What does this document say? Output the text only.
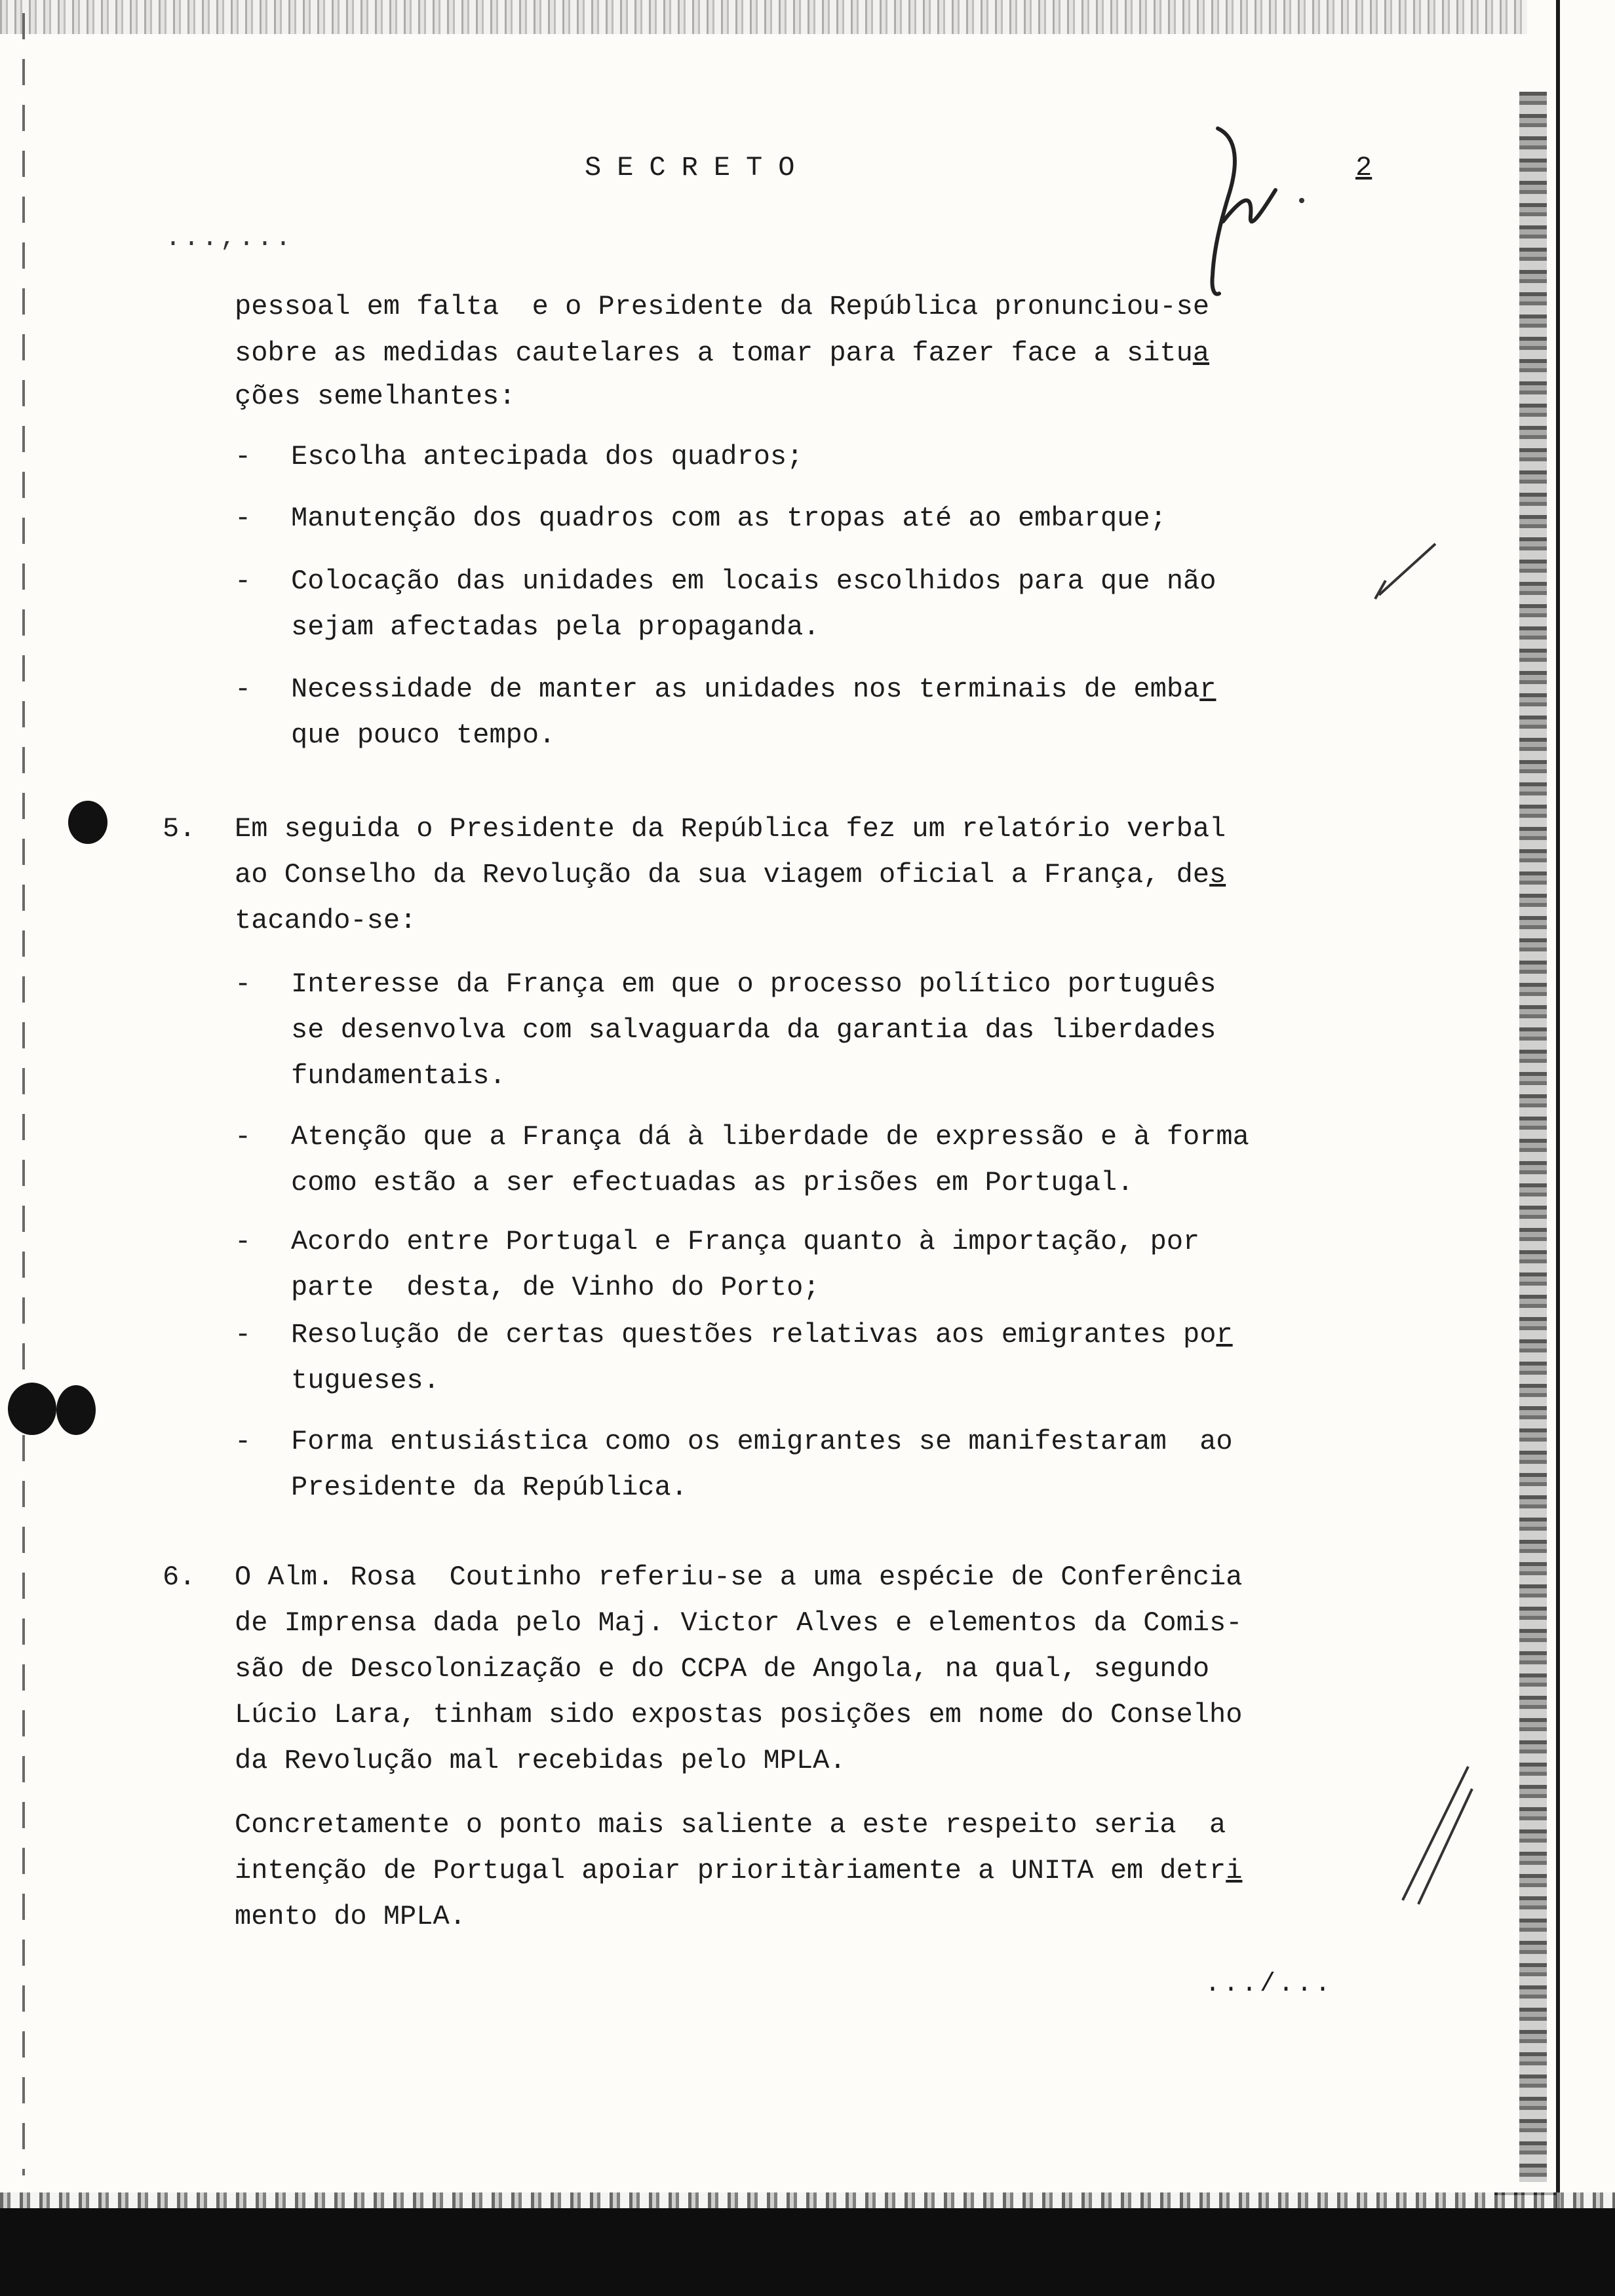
SECRETO	2
...,...
pessoal em falta  e o Presidente da República pronunciou-se
sobre as medidas cautelares a tomar para fazer face a situa
ções semelhantes:
- Escolha antecipada dos quadros;
- Manutenção dos quadros com as tropas até ao embarque;
- Colocação das unidades em locais escolhidos para que não
sejam afectadas pela propaganda.
- Necessidade de manter as unidades nos terminais de embar
que pouco tempo.
5. Em seguida o Presidente da República fez um relatório verbal
ao Conselho da Revolução da sua viagem oficial a França, des
tacando-se:
- Interesse da França em que o processo político português
se desenvolva com salvaguarda da garantia das liberdades
fundamentais.
- Atenção que a França dá à liberdade de expressão e à forma
como estão a ser efectuadas as prisões em Portugal.
- Acordo entre Portugal e França quanto à importação, por
parte  desta, de Vinho do Porto;
- Resolução de certas questões relativas aos emigrantes por
tugueses.
- Forma entusiástica como os emigrantes se manifestaram  ao
Presidente da República.
6. O Alm. Rosa  Coutinho referiu-se a uma espécie de Conferência
de Imprensa dada pelo Maj. Victor Alves e elementos da Comis-
são de Descolonização e do CCPA de Angola, na qual, segundo
Lúcio Lara, tinham sido expostas posições em nome do Conselho
da Revolução mal recebidas pelo MPLA.
Concretamente o ponto mais saliente a este respeito seria  a
intenção de Portugal apoiar prioritàriamente a UNITA em detri
mento do MPLA.
.../...
